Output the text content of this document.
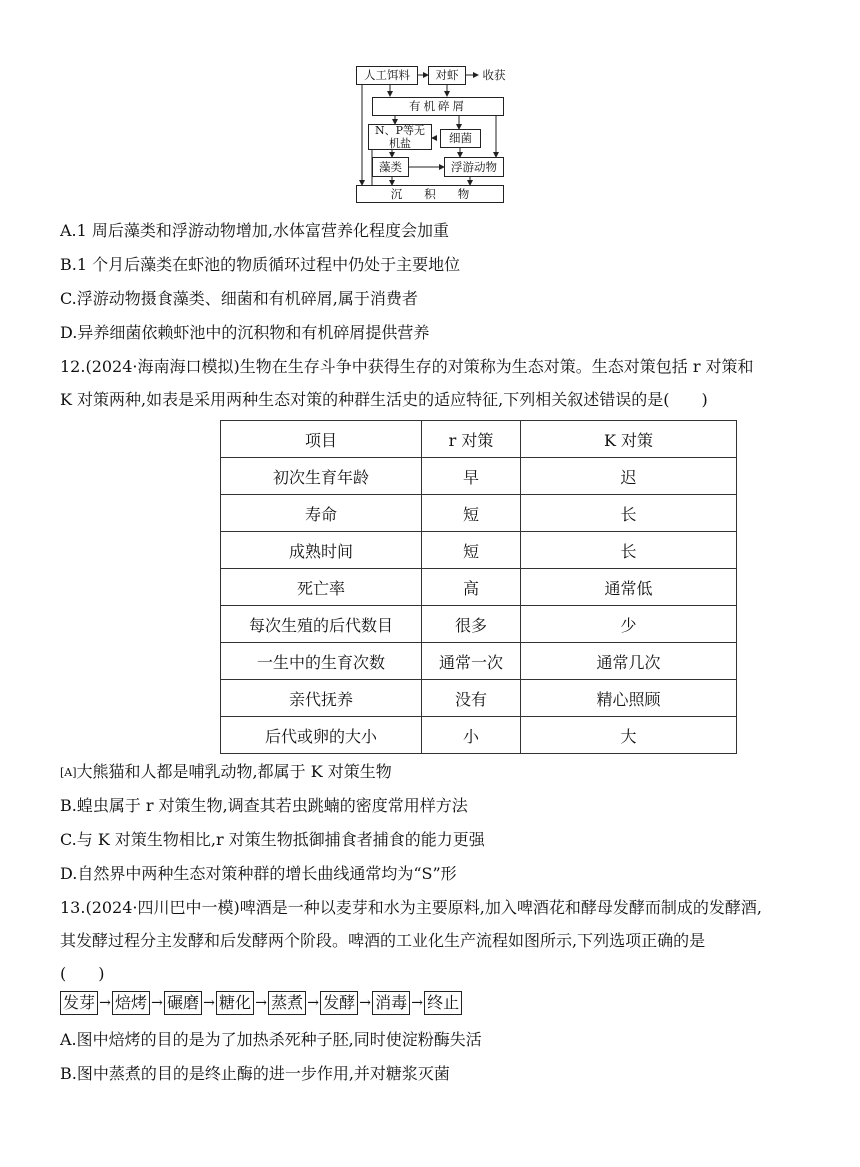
人工饵料	对虾	收获
有机碎屑
N、P等无机盐	细菌
藻类	浮游动物
沉积物
A.1 周后藻类和浮游动物增加,水体富营养化程度会加重
B.1 个月后藻类在虾池的物质循环过程中仍处于主要地位
C.浮游动物摄食藻类、细菌和有机碎屑,属于消费者
D.异养细菌依赖虾池中的沉积物和有机碎屑提供营养
12.(2024·海南海口模拟)生物在生存斗争中获得生存的对策称为生态对策。生态对策包括 r 对策和
K 对策两种,如表是采用两种生态对策的种群生活史的适应特征,下列相关叙述错误的是(　　)
项目	r 对策	K 对策
初次生育年龄	早	迟
寿命	短	长
成熟时间	短	长
死亡率	高	通常低
每次生殖的后代数目	很多	少
一生中的生育次数	通常一次	通常几次
亲代抚养	没有	精心照顾
后代或卵的大小	小	大
[A]大熊猫和人都是哺乳动物,都属于 K 对策生物
B.蝗虫属于 r 对策生物,调查其若虫跳蝻的密度常用样方法
C.与 K 对策生物相比,r 对策生物抵御捕食者捕食的能力更强
D.自然界中两种生态对策种群的增长曲线通常均为“S”形
13.(2024·四川巴中一模)啤酒是一种以麦芽和水为主要原料,加入啤酒花和酵母发酵而制成的发酵酒,
其发酵过程分主发酵和后发酵两个阶段。啤酒的工业化生产流程如图所示,下列选项正确的是
(　　)
发芽 → 焙烤 → 碾磨 → 糖化 → 蒸煮 → 发酵 → 消毒 → 终止
A.图中焙烤的目的是为了加热杀死种子胚,同时使淀粉酶失活
B.图中蒸煮的目的是终止酶的进一步作用,并对糖浆灭菌
